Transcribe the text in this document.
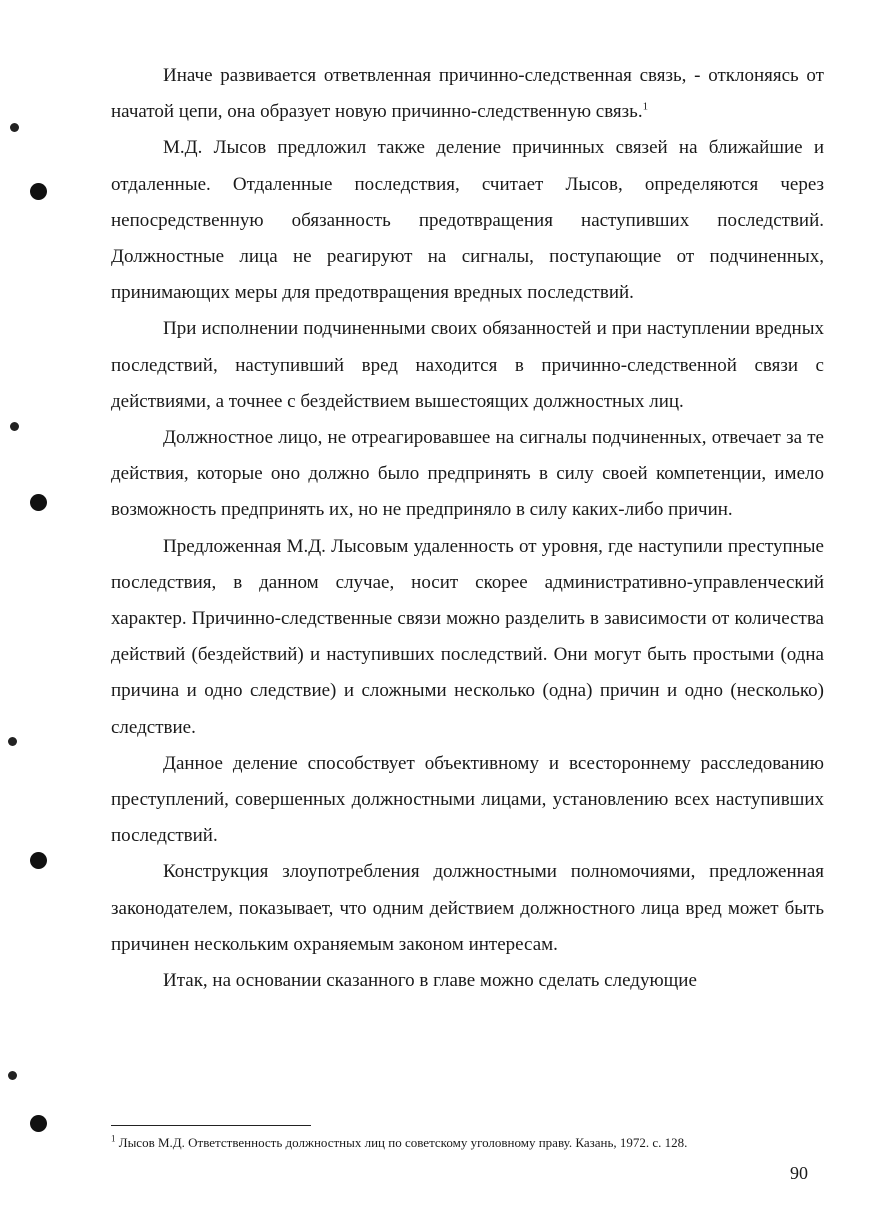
Иначе развивается ответвленная причинно-следственная связь, - отклоняясь от начатой цепи, она образует новую причинно-следственную связь.$^1$

М.Д. Лысов предложил также деление причинных связей на ближайшие и отдаленные. Отдаленные последствия, считает Лысов, определяются через непосредственную обязанность предотвращения наступивших последствий. Должностные лица не реагируют на сигналы, поступающие от подчиненных, принимающих меры для предотвращения вредных последствий.

При исполнении подчиненными своих обязанностей и при наступлении вредных последствий, наступивший вред находится в причинно-следственной связи с действиями, а точнее с бездействием вышестоящих должностных лиц.

Должностное лицо, не отреагировавшее на сигналы подчиненных, отвечает за те действия, которые оно должно было предпринять в силу своей компетенции, имело возможность предпринять их, но не предприняло в силу каких-либо причин.

Предложенная М.Д. Лысовым удаленность от уровня, где наступили преступные последствия, в данном случае, носит скорее административно-управленческий характер. Причинно-следственные связи можно разделить в зависимости от количества действий (бездействий) и наступивших последствий. Они могут быть простыми (одна причина и одно следствие) и сложными несколько (одна) причин и одно (несколько) следствие.

Данное деление способствует объективному и всестороннему расследованию преступлений, совершенных должностными лицами, установлению всех наступивших последствий.

Конструкция злоупотребления должностными полномочиями, предложенная законодателем, показывает, что одним действием должностного лица вред может быть причинен нескольким охраняемым законом интересам.

Итак, на основании сказанного в главе можно сделать следующие

$^1$ Лысов М.Д. Ответственность должностных лиц по советскому уголовному праву. Казань, 1972. с. 128.
90
